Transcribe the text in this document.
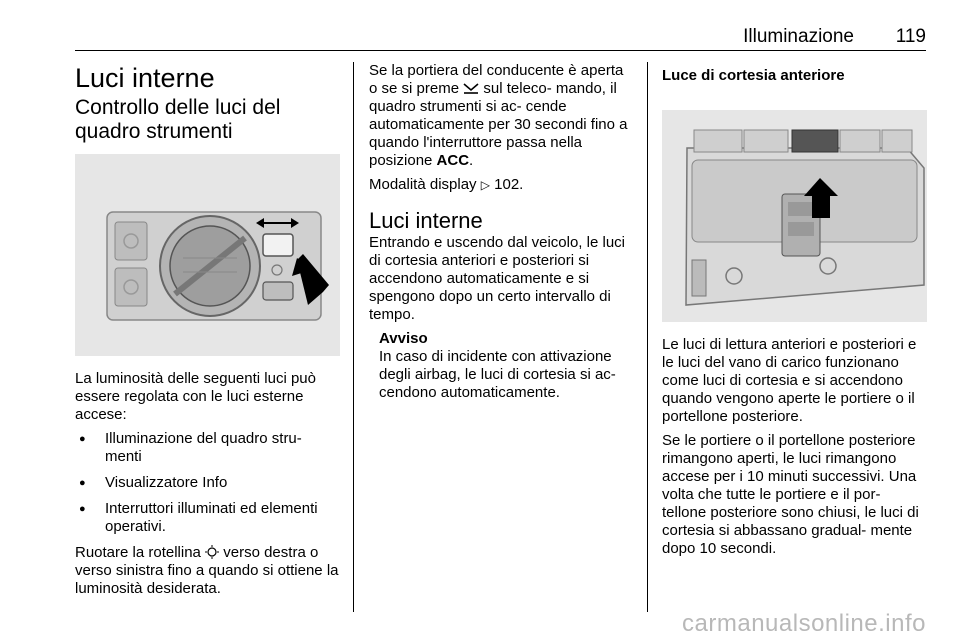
Illuminazione 119
Luci interne
Controllo delle luci del quadro strumenti

La luminosità delle seguenti luci può essere regolata con le luci esterne accese:

● Illuminazione del quadro stru- menti
● Visualizzatore Info
● Interruttori illuminati ed elementi operativi.

Ruotare la rotellina  verso destra o verso sinistra fino a quando si ottiene la luminosità desiderata.

Se la portiera del conducente è aperta o se si preme  sul teleco- mando, il quadro strumenti si ac- cende automaticamente per 30 secondi fino a quando l'interruttore passa nella posizione ACC.

Modalità display ▷ 102.

Luci interne

Entrando e uscendo dal veicolo, le luci di cortesia anteriori e posteriori si accendono automaticamente e si spengono dopo un certo intervallo di tempo.

Avviso
In caso di incidente con attivazione degli airbag, le luci di cortesia si ac- cendono automaticamente.
Luce di cortesia anteriore

Le luci di lettura anteriori e posteriori e le luci del vano di carico funzionano come luci di cortesia e si accendono quando vengono aperte le portiere o il portellone posteriore.

Se le portiere o il portellone posteriore rimangono aperti, le luci rimangono accese per i 10 minuti successivi. Una volta che tutte le portiere e il por- tellone posteriore sono chiusi, le luci di cortesia si abbassano gradual- mente dopo 10 secondi.

carmanualsonline.info
